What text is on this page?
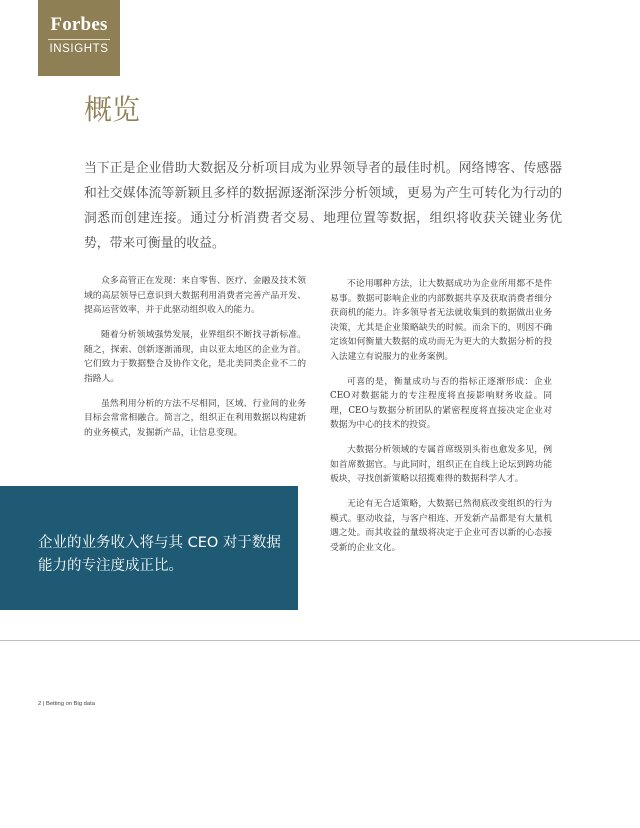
Forbes
INSIGHTS
概览

当下正是企业借助大数据及分析项目成为业界领导者的最佳时机。网络博客、传感器和社交媒体流等新颖且多样的数据源逐渐深涉分析领域，更易为产生可转化为行动的洞悉而创建连接。通过分析消费者交易、地理位置等数据，组织将收获关键业务优势，带来可衡量的收益。

众多高管正在发现：来自零售、医疗、金融及技术领域的高层领导已意识到大数据利用消费者完善产品开发、提高运营效率，并于此驱动组织收入的能力。

随着分析领域强势发展，业界组织不断找寻新标准。随之，探索、创新逐渐涌现，由以亚太地区的企业为首。它们致力于数据整合及协作文化，是北美同类企业不二的指路人。

虽然利用分析的方法不尽相同，区域、行业间的业务目标会常常相融合。简言之，组织正在利用数据以构建新的业务模式，发掘新产品，让信息变现。

不论用哪种方法，让大数据成功为企业所用都不是件易事。数据可影响企业的内部数据共享及获取消费者细分获商机的能力。许多领导者无法就收集到的数据做出业务决策，尤其是企业策略缺失的时候。而余下的，则因不确定该如何衡量大数据的成功而无为更大的大数据分析的投入法建立有说服力的业务案例。

可喜的是，衡量成功与否的指标正逐渐形成：企业CEO对数据能力的专注程度将直接影响财务收益。同理，CEO与数据分析团队的紧密程度将直接决定企业对数据为中心的技术的投资。

大数据分析领域的专属首席级别头衔也愈发多见，例如首席数据官。与此同时，组织正在自线上论坛到跨功能板块，寻找创新策略以招揽难得的数据科学人才。

无论有无合适策略，大数据已然彻底改变组织的行为模式。驱动收益，与客户相连、开发新产品都是有大量机遇之处。而其收益的量级将决定于企业可否以新的心态接受新的企业文化。

企业的业务收入将与其 CEO 对于数据能力的专注度成正比。

2 | Betting on Big data
